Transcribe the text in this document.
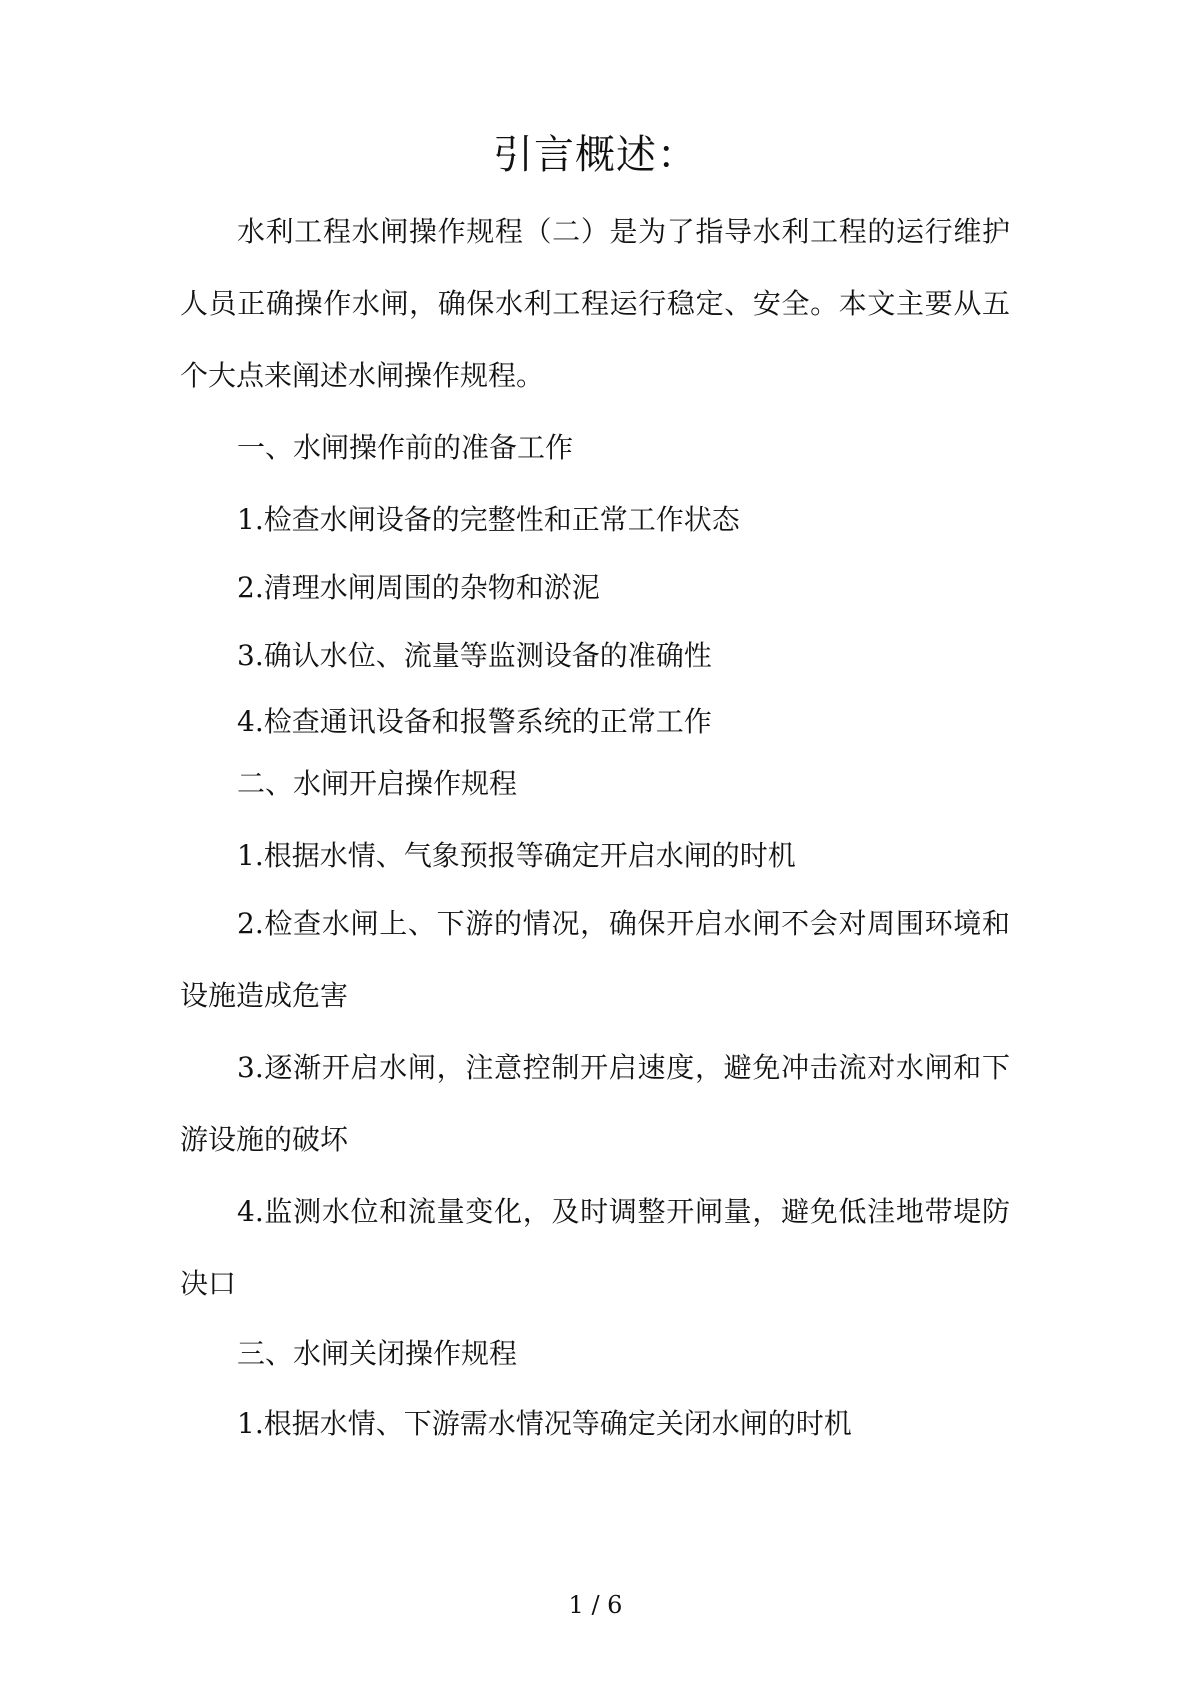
引言概述：

水利工程水闸操作规程（二）是为了指导水利工程的运行维护人员正确操作水闸，确保水利工程运行稳定、安全。本文主要从五个大点来阐述水闸操作规程。

一、水闸操作前的准备工作

1.检查水闸设备的完整性和正常工作状态

2.清理水闸周围的杂物和淤泥

3.确认水位、流量等监测设备的准确性

4.检查通讯设备和报警系统的正常工作

二、水闸开启操作规程

1.根据水情、气象预报等确定开启水闸的时机

2.检查水闸上、下游的情况，确保开启水闸不会对周围环境和设施造成危害

3.逐渐开启水闸，注意控制开启速度，避免冲击流对水闸和下游设施的破坏

4.监测水位和流量变化，及时调整开闸量，避免低洼地带堤防决口

三、水闸关闭操作规程

1.根据水情、下游需水情况等确定关闭水闸的时机

1 / 6
